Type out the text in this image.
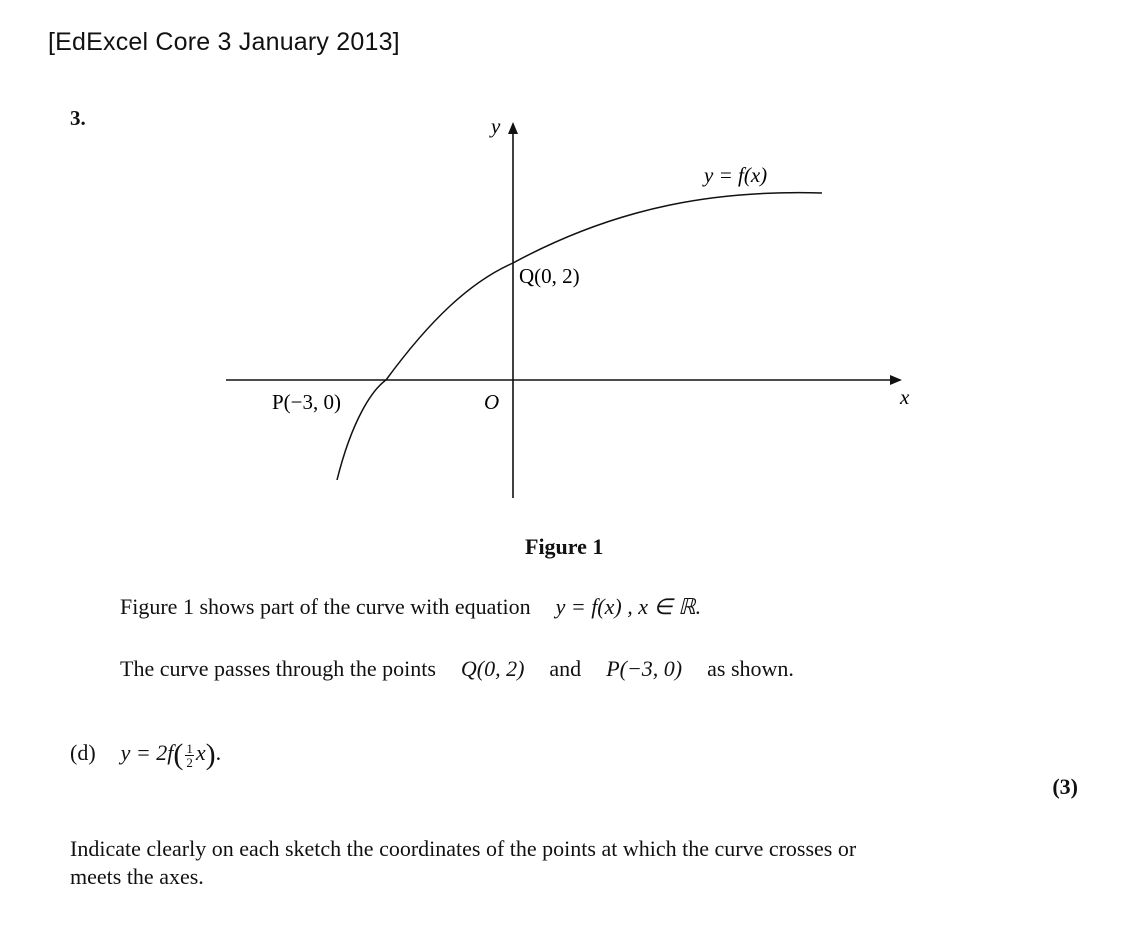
[EdExcel Core 3 January 2013]
3.	y
x
O
y = f(x)
Q(0, 2)
P(−3, 0)
Figure 1
Figure 1 shows part of the curve with equation y = f(x) , x ∈ ℝ.
The curve passes through the points Q(0, 2) and P(−3, 0) as shown.
(d) $y = 2f( \frac{1}{2} x)$.
(3)
Indicate clearly on each sketch the coordinates of the points at which the curve crosses or
meets the axes.
